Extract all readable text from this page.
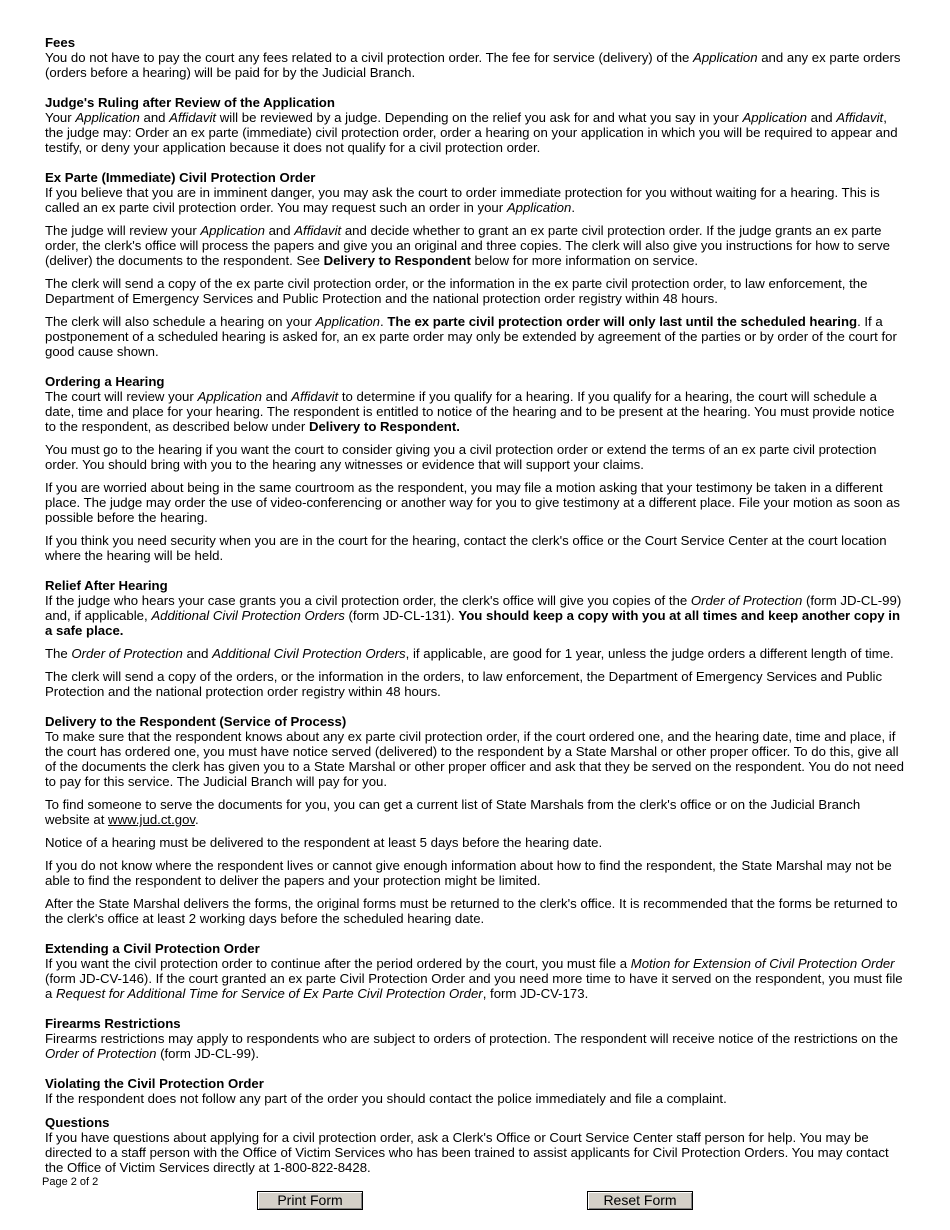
Fees
You do not have to pay the court any fees related to a civil protection order. The fee for service (delivery) of the Application and any ex parte orders (orders before a hearing) will be paid for by the Judicial Branch.
Judge's Ruling after Review of the Application
Your Application and Affidavit will be reviewed by a judge. Depending on the relief you ask for and what you say in your Application and Affidavit, the judge may: Order an ex parte (immediate) civil protection order, order a hearing on your application in which you will be required to appear and testify, or deny your application because it does not qualify for a civil protection order.
Ex Parte (Immediate) Civil Protection Order
If you believe that you are in imminent danger, you may ask the court to order immediate protection for you without waiting for a hearing. This is called an ex parte civil protection order. You may request such an order in your Application.
The judge will review your Application and Affidavit and decide whether to grant an ex parte civil protection order. If the judge grants an ex parte order, the clerk's office will process the papers and give you an original and three copies. The clerk will also give you instructions for how to serve (deliver) the documents to the respondent. See Delivery to Respondent below for more information on service.
The clerk will send a copy of the ex parte civil protection order, or the information in the ex parte civil protection order, to law enforcement, the Department of Emergency Services and Public Protection and the national protection order registry within 48 hours.
The clerk will also schedule a hearing on your Application. The ex parte civil protection order will only last until the scheduled hearing. If a postponement of a scheduled hearing is asked for, an ex parte order may only be extended by agreement of the parties or by order of the court for good cause shown.
Ordering a Hearing
The court will review your Application and Affidavit to determine if you qualify for a hearing. If you qualify for a hearing, the court will schedule a date, time and place for your hearing. The respondent is entitled to notice of the hearing and to be present at the hearing. You must provide notice to the respondent, as described below under Delivery to Respondent.
You must go to the hearing if you want the court to consider giving you a civil protection order or extend the terms of an ex parte civil protection order. You should bring with you to the hearing any witnesses or evidence that will support your claims.
If you are worried about being in the same courtroom as the respondent, you may file a motion asking that your testimony be taken in a different place. The judge may order the use of video-conferencing or another way for you to give testimony at a different place. File your motion as soon as possible before the hearing.
If you think you need security when you are in the court for the hearing, contact the clerk's office or the Court Service Center at the court location where the hearing will be held.
Relief After Hearing
If the judge who hears your case grants you a civil protection order, the clerk's office will give you copies of the Order of Protection (form JD-CL-99) and, if applicable, Additional Civil Protection Orders (form JD-CL-131). You should keep a copy with you at all times and keep another copy in a safe place.
The Order of Protection and Additional Civil Protection Orders, if applicable, are good for 1 year, unless the judge orders a different length of time.
The clerk will send a copy of the orders, or the information in the orders, to law enforcement, the Department of Emergency Services and Public Protection and the national protection order registry within 48 hours.
Delivery to the Respondent (Service of Process)
To make sure that the respondent knows about any ex parte civil protection order, if the court ordered one, and the hearing date, time and place, if the court has ordered one, you must have notice served (delivered) to the respondent by a State Marshal or other proper officer. To do this, give all of the documents the clerk has given you to a State Marshal or other proper officer and ask that they be served on the respondent. You do not need to pay for this service. The Judicial Branch will pay for you.
To find someone to serve the documents for you, you can get a current list of State Marshals from the clerk's office or on the Judicial Branch website at www.jud.ct.gov.
Notice of a hearing must be delivered to the respondent at least 5 days before the hearing date.
If you do not know where the respondent lives or cannot give enough information about how to find the respondent, the State Marshal may not be able to find the respondent to deliver the papers and your protection might be limited.
After the State Marshal delivers the forms, the original forms must be returned to the clerk's office. It is recommended that the forms be returned to the clerk's office at least 2 working days before the scheduled hearing date.
Extending a Civil Protection Order
If you want the civil protection order to continue after the period ordered by the court, you must file a Motion for Extension of Civil Protection Order (form JD-CV-146). If the court granted an ex parte Civil Protection Order and you need more time to have it served on the respondent, you must file a Request for Additional Time for Service of Ex Parte Civil Protection Order, form JD-CV-173.
Firearms Restrictions
Firearms restrictions may apply to respondents who are subject to orders of protection. The respondent will receive notice of the restrictions on the Order of Protection (form JD-CL-99).
Violating the Civil Protection Order
If the respondent does not follow any part of the order you should contact the police immediately and file a complaint.
Questions
If you have questions about applying for a civil protection order, ask a Clerk's Office or Court Service Center staff person for help. You may be directed to a staff person with the Office of Victim Services who has been trained to assist applicants for Civil Protection Orders. You may contact the Office of Victim Services directly at 1-800-822-8428.
Page 2 of 2
Print Form	Reset Form
